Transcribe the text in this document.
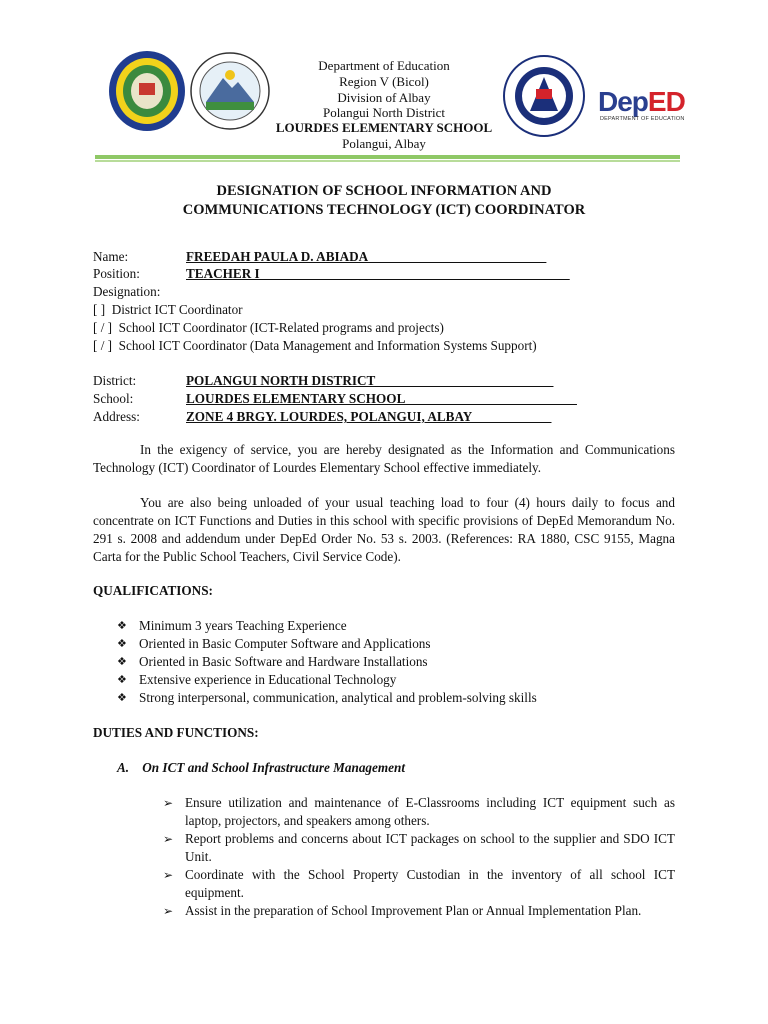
DepED
DEPARTMENT OF EDUCATION
Department of Education
Region V (Bicol)
Division of Albay
Polangui North District
LOURDES ELEMENTARY SCHOOL
Polangui, Albay
DESIGNATION OF SCHOOL INFORMATION AND
COMMUNICATIONS TECHNOLOGY (ICT) COORDINATOR
Name:	FREEDAH PAULA D. ABIADA___________________________
Position:	TEACHER I_______________________________________________
Designation:
[ ] District ICT Coordinator
[ / ] School ICT Coordinator (ICT-Related programs and projects)
[ / ] School ICT Coordinator (Data Management and Information Systems Support)
District:	POLANGUI NORTH DISTRICT___________________________
School:	LOURDES ELEMENTARY SCHOOL__________________________
Address:	ZONE 4 BRGY. LOURDES, POLANGUI, ALBAY____________
In the exigency of service, you are hereby designated as the Information and Communications Technology (ICT) Coordinator of Lourdes Elementary School effective immediately.
You are also being unloaded of your usual teaching load to four (4) hours daily to focus and concentrate on ICT Functions and Duties in this school with specific provisions of DepEd Memorandum No. 291 s. 2008 and addendum under DepEd Order No. 53 s. 2003. (References: RA 1880, CSC 9155, Magna Carta for the Public School Teachers, Civil Service Code).
QUALIFICATIONS:
❖ Minimum 3 years Teaching Experience
❖ Oriented in Basic Computer Software and Applications
❖ Oriented in Basic Software and Hardware Installations
❖ Extensive experience in Educational Technology
❖ Strong interpersonal, communication, analytical and problem-solving skills
DUTIES AND FUNCTIONS:
A.    On ICT and School Infrastructure Management
➢ Ensure utilization and maintenance of E-Classrooms including ICT equipment such as laptop, projectors, and speakers among others.
➢ Report problems and concerns about ICT packages on school to the supplier and SDO ICT Unit.
➢ Coordinate with the School Property Custodian in the inventory of all school ICT equipment.
➢ Assist in the preparation of School Improvement Plan or Annual Implementation Plan.
